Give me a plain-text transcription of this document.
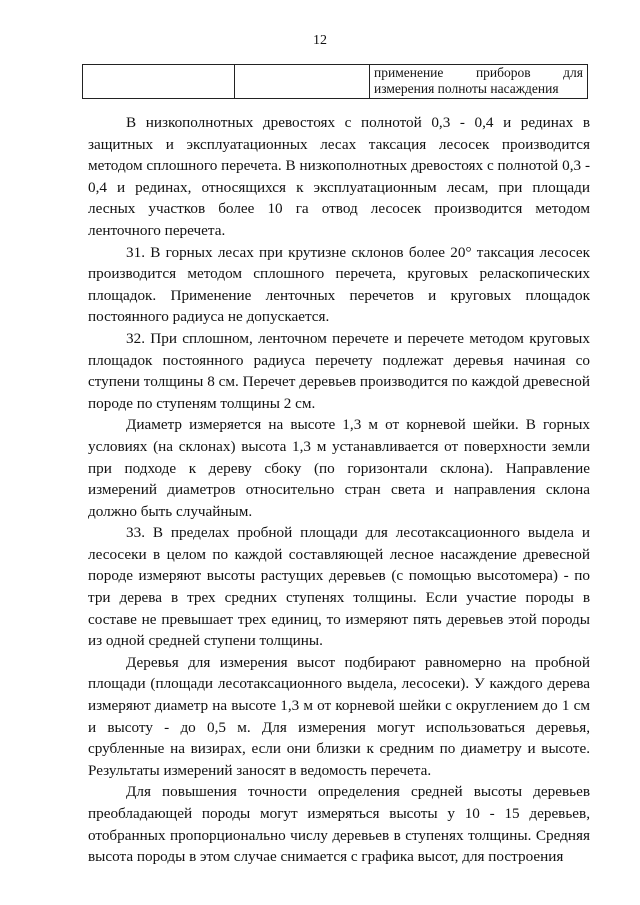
12

применение приборов для
измерения полноты насаждения

В низкополнотных древостоях с полнотой 0,3 - 0,4 и рединах в защитных и эксплуатационных лесах таксация лесосек производится методом сплошного перечета. В низкополнотных древостоях с полнотой 0,3 - 0,4 и рединах, относящихся к эксплуатационным лесам, при площади лесных участков более 10 га отвод лесосек производится методом ленточного перечета.

31. В горных лесах при крутизне склонов более 20° таксация лесосек производится методом сплошного перечета, круговых реласкопических площадок. Применение ленточных перечетов и круговых площадок постоянного радиуса не допускается.

32. При сплошном, ленточном перечете и перечете методом круговых площадок постоянного радиуса перечету подлежат деревья начиная со ступени толщины 8 см. Перечет деревьев производится по каждой древесной породе по ступеням толщины 2 см.

Диаметр измеряется на высоте 1,3 м от корневой шейки. В горных условиях (на склонах) высота 1,3 м устанавливается от поверхности земли при подходе к дереву сбоку (по горизонтали склона). Направление измерений диаметров относительно стран света и направления склона должно быть случайным.

33. В пределах пробной площади для лесотаксационного выдела и лесосеки в целом по каждой составляющей лесное насаждение древесной породе измеряют высоты растущих деревьев (с помощью высотомера) - по три дерева в трех средних ступенях толщины. Если участие породы в составе не превышает трех единиц, то измеряют пять деревьев этой породы из одной средней ступени толщины.

Деревья для измерения высот подбирают равномерно на пробной площади (площади лесотаксационного выдела, лесосеки). У каждого дерева измеряют диаметр на высоте 1,3 м от корневой шейки с округлением до 1 см и высоту - до 0,5 м. Для измерения могут использоваться деревья, срубленные на визирах, если они близки к средним по диаметру и высоте. Результаты измерений заносят в ведомость перечета.

Для повышения точности определения средней высоты деревьев преобладающей породы могут измеряться высоты у 10 - 15 деревьев, отобранных пропорционально числу деревьев в ступенях толщины. Средняя высота породы в этом случае снимается с графика высот, для построения
